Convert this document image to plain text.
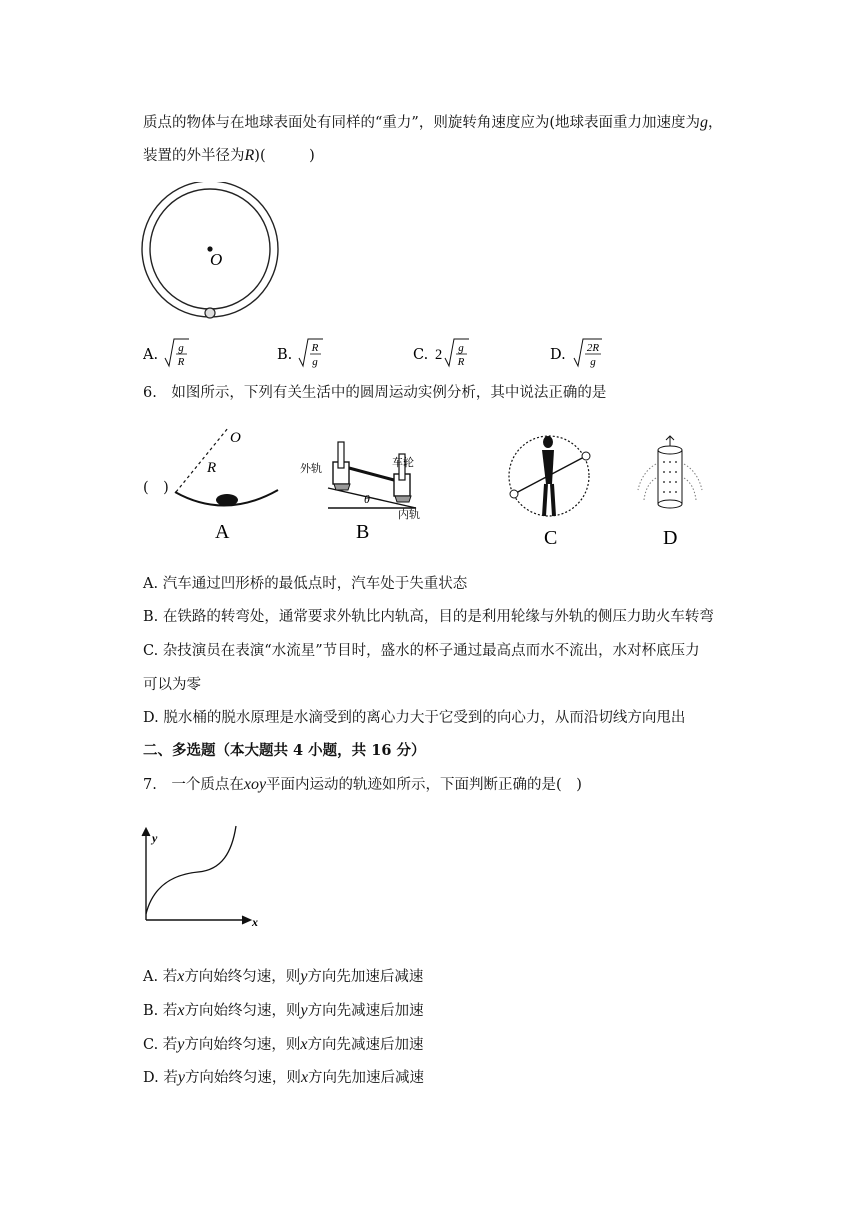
质点的物体与在地球表面处有同样的“重力”，则旋转角速度应为(地球表面重力加速度为g，
装置的外半径为R)(　　　)
O
A. g
R	B. R
g	C. 2 g
R	D. 2R
g
6.　如图所示，下列有关生活中的圆周运动实例分析，其中说法正确的是
(　)
O
R
A
外轨	车轮
内轨
θ
B	C	D
A. 汽车通过凹形桥的最低点时，汽车处于失重状态
B. 在铁路的转弯处，通常要求外轨比内轨高，目的是利用轮缘与外轨的侧压力助火车转弯
C. 杂技演员在表演“水流星”节目时，盛水的杯子通过最高点而水不流出，水对杯底压力
可以为零
D. 脱水桶的脱水原理是水滴受到的离心力大于它受到的向心力，从而沿切线方向甩出
二、多选题（本大题共 4 小题，共 16 分）
7.　一个质点在xoy平面内运动的轨迹如所示，下面判断正确的是(　)
y
x
A. 若x方向始终匀速，则y方向先加速后减速
B. 若x方向始终匀速，则y方向先减速后加速
C. 若y方向始终匀速，则x方向先减速后加速
D. 若y方向始终匀速，则x方向先加速后减速
